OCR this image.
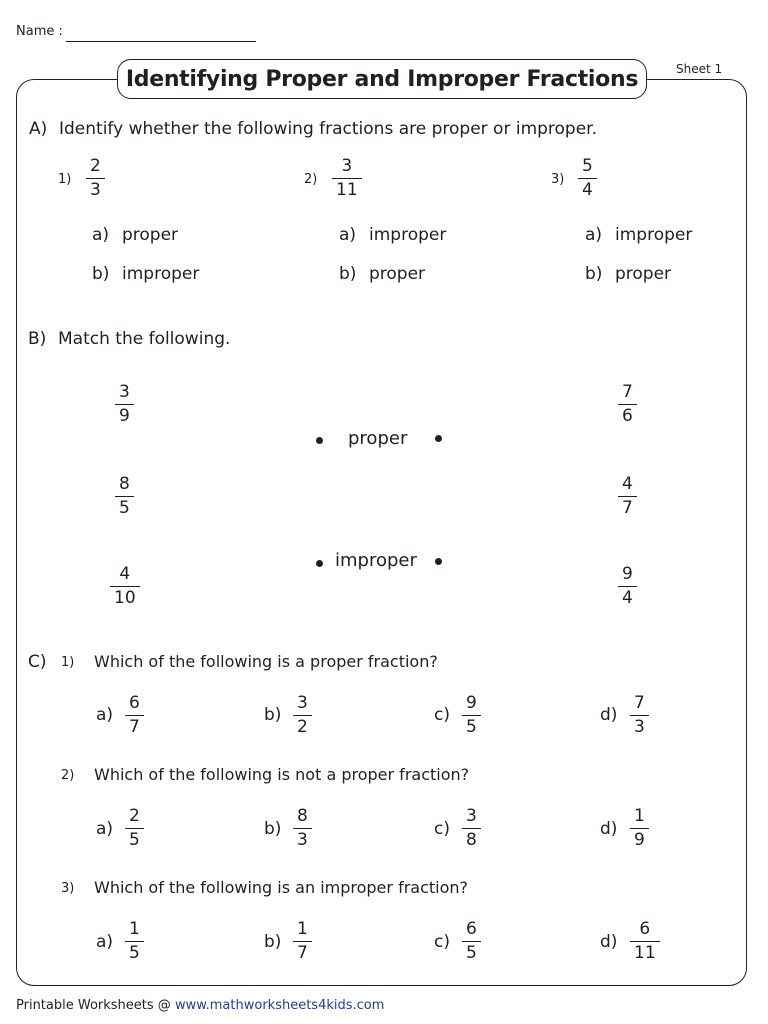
Name :
Identifying Proper and Improper Fractions	Sheet 1
A) Identify whether the following fractions are proper or improper.
$1) \frac{2}{3}$
a) proper
b) improper
$2) \frac{3}{11}$
a) improper
b) proper
$3) \frac{5}{4}$
a) improper
b) proper
B) Match the following.
$\frac{3}{9}$
$\frac{8}{5}$
$\frac{4}{10}$
proper
improper
$\frac{7}{6}$
$\frac{4}{7}$
$\frac{9}{4}$
C) 1) Which of the following is a proper fraction?
$a) \frac{6}{7}$	$b) \frac{3}{2}$	$c) \frac{9}{5}$	$d) \frac{7}{3}$
2) Which of the following is not a proper fraction?
$a) \frac{2}{5}$	$b) \frac{8}{3}$	$c) \frac{3}{8}$	$d) \frac{1}{9}$
3) Which of the following is an improper fraction?
$a) \frac{1}{5}$	$b) \frac{1}{7}$	$c) \frac{6}{5}$	$d) \frac{6}{11}$
Printable Worksheets @ www.mathworksheets4kids.com
